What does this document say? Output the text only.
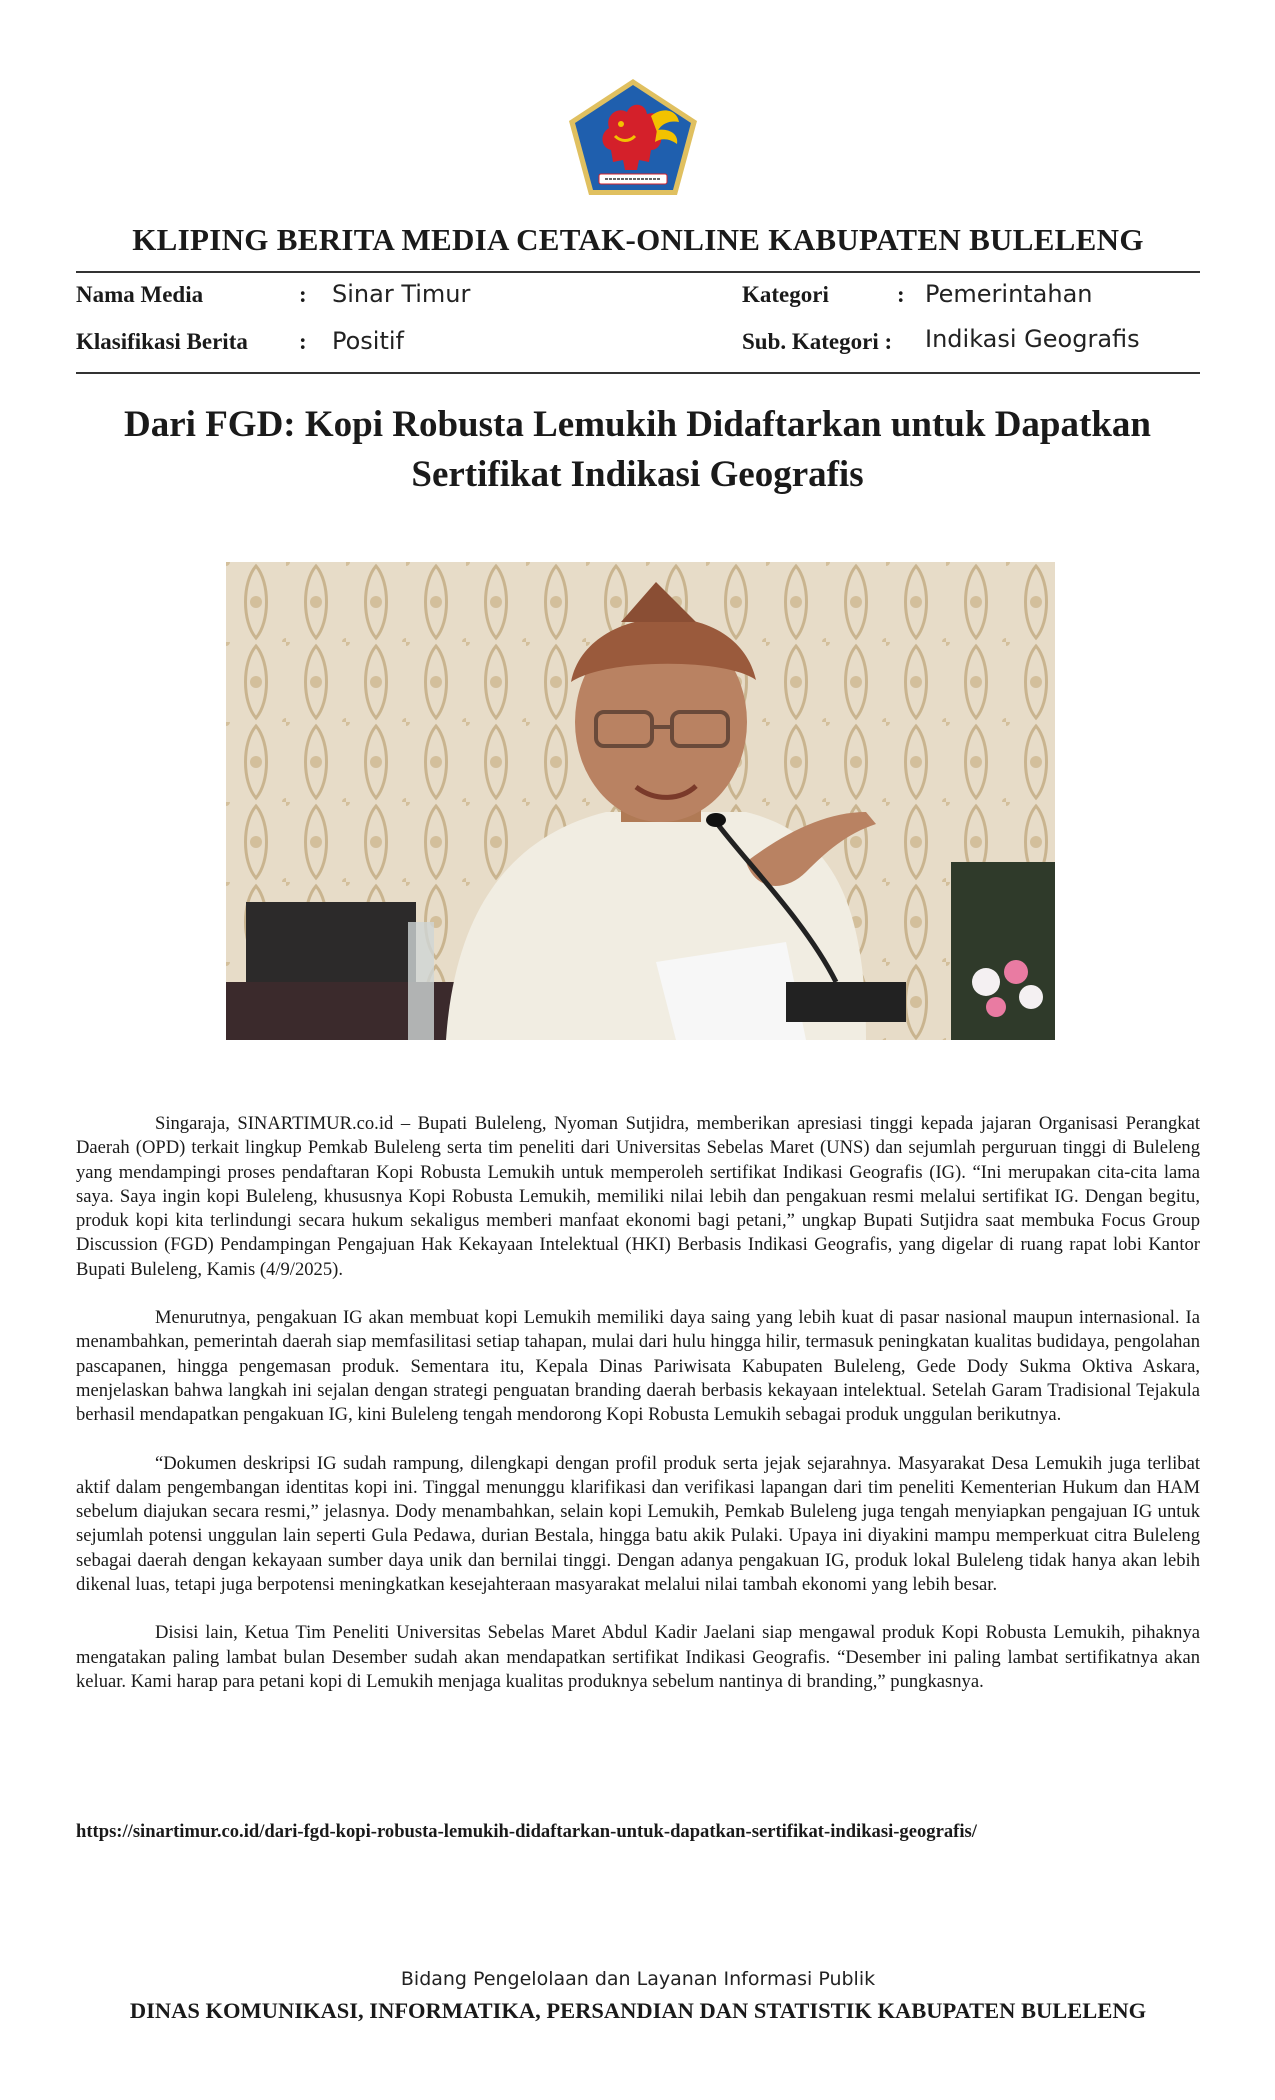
KLIPING BERITA MEDIA CETAK-ONLINE KABUPATEN BULELENG
Nama Media	: Sinar Timur
Klasifikasi Berita : Positif
Kategori	: Pemerintahan
Sub. Kategori : Indikasi Geografis
Dari FGD: Kopi Robusta Lemukih Didaftarkan untuk Dapatkan Sertifikat Indikasi Geografis

Singaraja, SINARTIMUR.co.id – Bupati Buleleng, Nyoman Sutjidra, memberikan apresiasi tinggi kepada jajaran Organisasi Perangkat Daerah (OPD) terkait lingkup Pemkab Buleleng serta tim peneliti dari Universitas Sebelas Maret (UNS) dan sejumlah perguruan tinggi di Buleleng yang mendampingi proses pendaftaran Kopi Robusta Lemukih untuk memperoleh sertifikat Indikasi Geografis (IG). “Ini merupakan cita-cita lama saya. Saya ingin kopi Buleleng, khususnya Kopi Robusta Lemukih, memiliki nilai lebih dan pengakuan resmi melalui sertifikat IG. Dengan begitu, produk kopi kita terlindungi secara hukum sekaligus memberi manfaat ekonomi bagi petani,” ungkap Bupati Sutjidra saat membuka Focus Group Discussion (FGD) Pendampingan Pengajuan Hak Kekayaan Intelektual (HKI) Berbasis Indikasi Geografis, yang digelar di ruang rapat lobi Kantor Bupati Buleleng, Kamis (4/9/2025).

Menurutnya, pengakuan IG akan membuat kopi Lemukih memiliki daya saing yang lebih kuat di pasar nasional maupun internasional. Ia menambahkan, pemerintah daerah siap memfasilitasi setiap tahapan, mulai dari hulu hingga hilir, termasuk peningkatan kualitas budidaya, pengolahan pascapanen, hingga pengemasan produk. Sementara itu, Kepala Dinas Pariwisata Kabupaten Buleleng, Gede Dody Sukma Oktiva Askara, menjelaskan bahwa langkah ini sejalan dengan strategi penguatan branding daerah berbasis kekayaan intelektual. Setelah Garam Tradisional Tejakula berhasil mendapatkan pengakuan IG, kini Buleleng tengah mendorong Kopi Robusta Lemukih sebagai produk unggulan berikutnya.

“Dokumen deskripsi IG sudah rampung, dilengkapi dengan profil produk serta jejak sejarahnya. Masyarakat Desa Lemukih juga terlibat aktif dalam pengembangan identitas kopi ini. Tinggal menunggu klarifikasi dan verifikasi lapangan dari tim peneliti Kementerian Hukum dan HAM sebelum diajukan secara resmi,” jelasnya. Dody menambahkan, selain kopi Lemukih, Pemkab Buleleng juga tengah menyiapkan pengajuan IG untuk sejumlah potensi unggulan lain seperti Gula Pedawa, durian Bestala, hingga batu akik Pulaki. Upaya ini diyakini mampu memperkuat citra Buleleng sebagai daerah dengan kekayaan sumber daya unik dan bernilai tinggi. Dengan adanya pengakuan IG, produk lokal Buleleng tidak hanya akan lebih dikenal luas, tetapi juga berpotensi meningkatkan kesejahteraan masyarakat melalui nilai tambah ekonomi yang lebih besar.

Disisi lain, Ketua Tim Peneliti Universitas Sebelas Maret Abdul Kadir Jaelani siap mengawal produk Kopi Robusta Lemukih, pihaknya mengatakan paling lambat bulan Desember sudah akan mendapatkan sertifikat Indikasi Geografis. “Desember ini paling lambat sertifikatnya akan keluar. Kami harap para petani kopi di Lemukih menjaga kualitas produknya sebelum nantinya di branding,” pungkasnya.

https://sinartimur.co.id/dari-fgd-kopi-robusta-lemukih-didaftarkan-untuk-dapatkan-sertifikat-indikasi-geografis/
Bidang Pengelolaan dan Layanan Informasi Publik
DINAS KOMUNIKASI, INFORMATIKA, PERSANDIAN DAN STATISTIK KABUPATEN BULELENG
